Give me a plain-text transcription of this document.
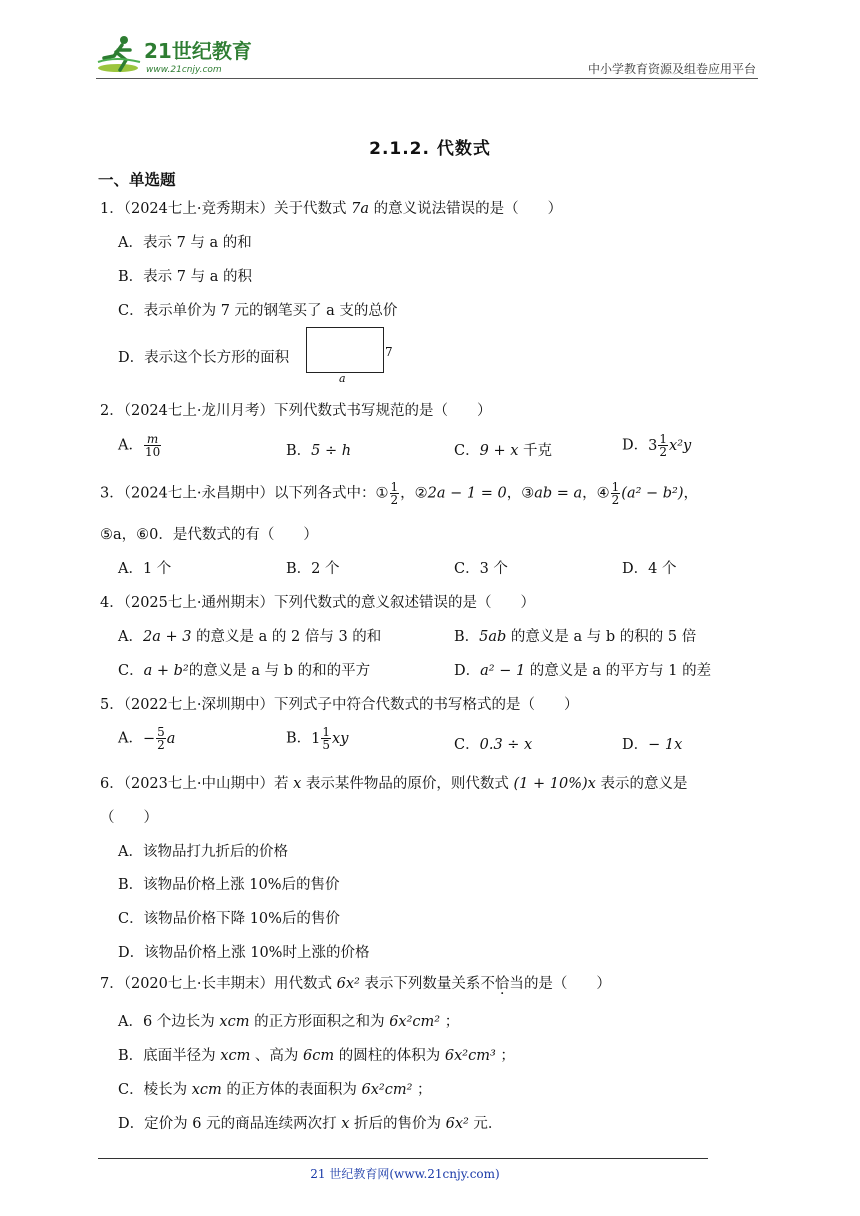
21世纪教育
www.21cnjy.com	中小学教育资源及组卷应用平台
2.1.2. 代数式
一、单选题
1．（2024七上·竞秀期末）关于代数式 7a 的意义说法错误的是（　　）
A．表示 7 与 a 的和
B．表示 7 与 a 的积
C．表示单价为 7 元的钢笔买了 a 支的总价
D．表示这个长方形的面积	7
a
2．（2024七上·龙川月考）下列代数式书写规范的是（　　）
A． $\frac{m}{10}$	B．5 ÷ h	C．9 + x 千克	D． $3 \frac{1}{2} x^2y$
3．（2024七上·永昌期中）以下列各式中：① $\frac{1}{2}$ ，②2a − 1 = 0，③ab = a，④ $\frac{1}{2} (a^2 - b^2)$，
⑤a，⑥0．是代数式的有（　　）
A．1 个	B．2 个	C．3 个	D．4 个
4．（2025七上·通州期末）下列代数式的意义叙述错误的是（　　）
A．2a + 3 的意义是 a 的 2 倍与 3 的和	B．5ab 的意义是 a 与 b 的积的 5 倍
C．a + b²的意义是 a 与 b 的和的平方	D．a² − 1 的意义是 a 的平方与 1 的差
5．（2022七上·深圳期中）下列式子中符合代数式的书写格式的是（　　）
A． − $\frac{5}{2}$ a	B． $1 \frac{1}{5}$ xy	C．0.3 ÷ x	D．− 1x
6．（2023七上·中山期中）若 x 表示某件物品的原价，则代数式 (1 + 10%)x 表示的意义是
（　　）
A．该物品打九折后的价格
B．该物品价格上涨 10%后的售价
C．该物品价格下降 10%后的售价
D．该物品价格上涨 10%时上涨的价格
7．（2020七上·长丰期末）用代数式 6x² 表示下列数量关系不恰当的是（　　）
A．6 个边长为 xcm 的正方形面积之和为 6x²cm² ；
B．底面半径为 xcm 、高为 6cm 的圆柱的体积为 6x²cm³ ；
C．棱长为 xcm 的正方体的表面积为 6x²cm² ；
D．定价为 6 元的商品连续两次打 x 折后的售价为 6x² 元．
21 世纪教育网(www.21cnjy.com)
